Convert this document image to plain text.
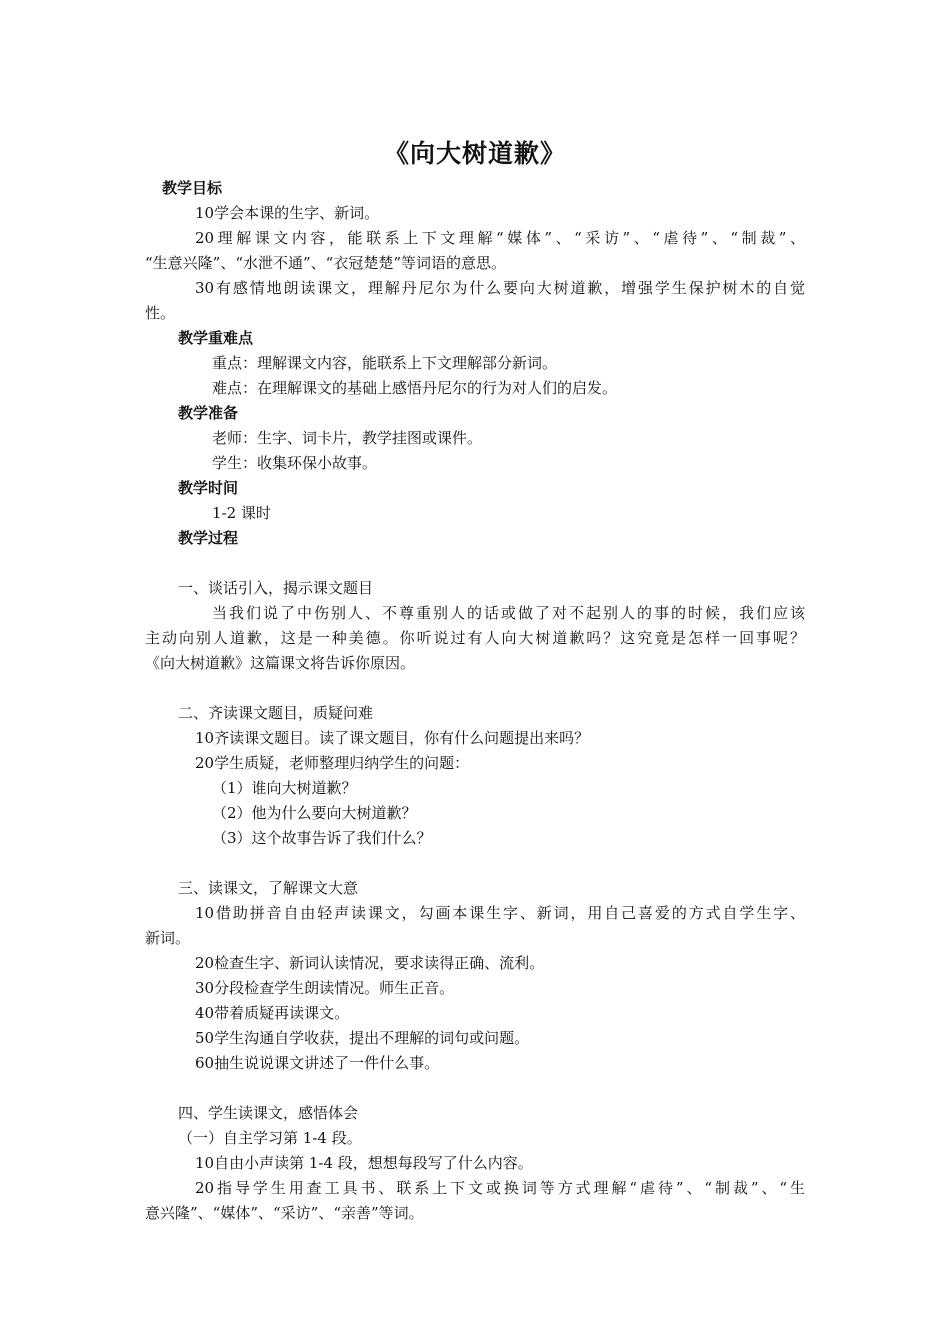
《向大树道歉》
教学目标
10学会本课的生字、新词。
20理解课文内容，能联系上下文理解“媒体”、“采访”、“虐待”、“制裁”、
“生意兴隆”、“水泄不通”、“衣冠楚楚”等词语的意思。
30有感情地朗读课文，理解丹尼尔为什么要向大树道歉，增强学生保护树木的自觉
性。
教学重难点
重点：理解课文内容，能联系上下文理解部分新词。
难点：在理解课文的基础上感悟丹尼尔的行为对人们的启发。
教学准备
老师：生字、词卡片，教学挂图或课件。
学生：收集环保小故事。
教学时间
1-2 课时
教学过程
一、谈话引入，揭示课文题目
当我们说了中伤别人、不尊重别人的话或做了对不起别人的事的时候，我们应该
主动向别人道歉，这是一种美德。你听说过有人向大树道歉吗？这究竟是怎样一回事呢？
《向大树道歉》这篇课文将告诉你原因。
二、齐读课文题目，质疑问难
10齐读课文题目。读了课文题目，你有什么问题提出来吗？
20学生质疑，老师整理归纳学生的问题：
（1）谁向大树道歉？
（2）他为什么要向大树道歉？
（3）这个故事告诉了我们什么？
三、读课文，了解课文大意
10借助拼音自由轻声读课文，勾画本课生字、新词，用自己喜爱的方式自学生字、
新词。
20检查生字、新词认读情况，要求读得正确、流利。
30分段检查学生朗读情况。师生正音。
40带着质疑再读课文。
50学生沟通自学收获，提出不理解的词句或问题。
60抽生说说课文讲述了一件什么事。
四、学生读课文，感悟体会
（一）自主学习第 1-4 段。
10自由小声读第 1-4 段，想想每段写了什么内容。
20指导学生用查工具书、联系上下文或换词等方式理解“虐待”、“制裁”、“生
意兴隆”、“媒体”、“采访”、“亲善”等词。
